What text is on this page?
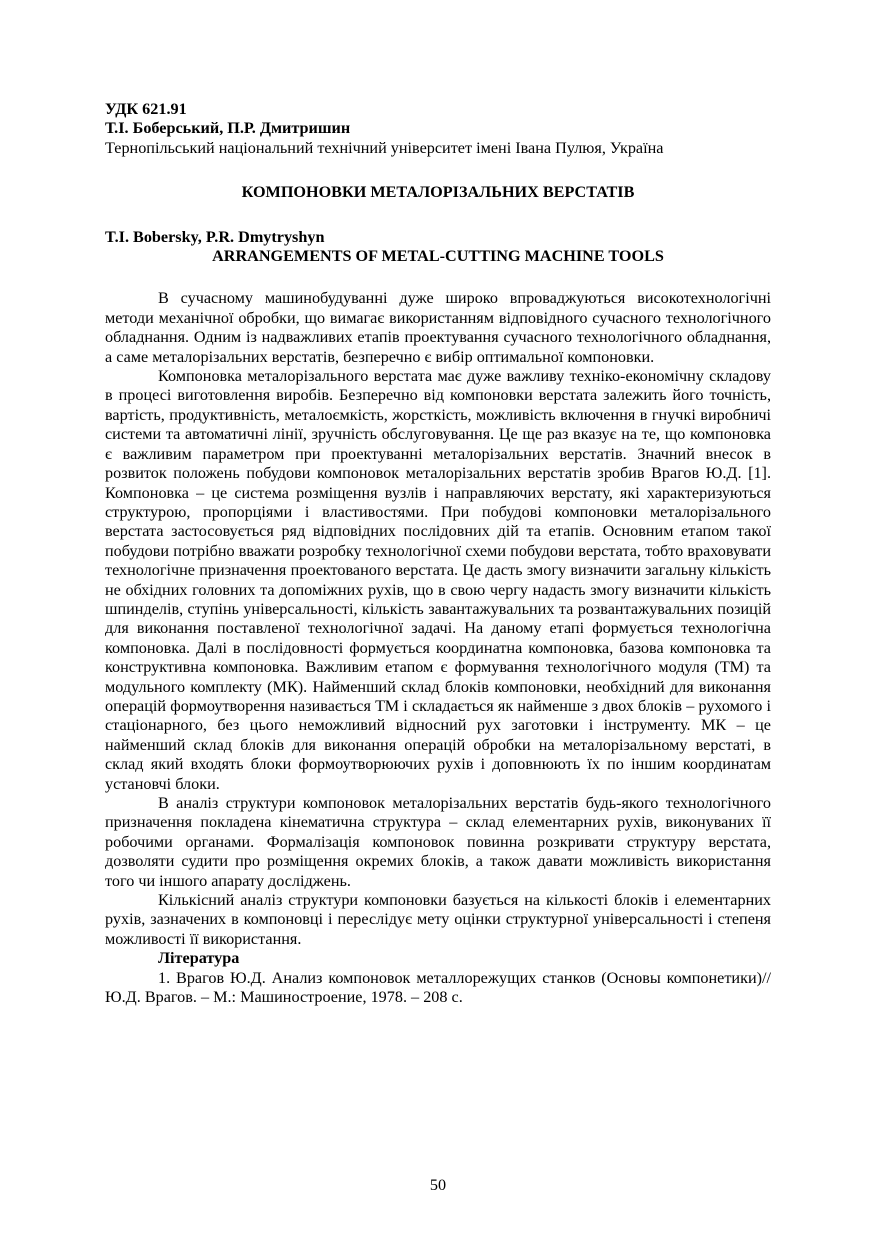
УДК 621.91
Т.І. Боберський, П.Р. Дмитришин
Тернопільський національний технічний університет імені Івана Пулюя, Україна
КОМПОНОВКИ МЕТАЛОРІЗАЛЬНИХ ВЕРСТАТІВ
T.I. Bobersky, P.R. Dmytryshyn
ARRANGEMENTS OF METAL-CUTTING MACHINE TOOLS

В сучасному машинобудуванні дуже широко впроваджуються високотехнологічні методи механічної обробки, що вимагає використанням відповідного сучасного технологічного обладнання. Одним із надважливих етапів проектування сучасного технологічного обладнання, а саме металорізальних верстатів, безперечно є вибір оптимальної компоновки.

Компоновка металорізального верстата має дуже важливу техніко-економічну складову в процесі виготовлення виробів. Безперечно від компоновки верстата залежить його точність, вартість, продуктивність, металоємкість, жорсткість, можливість включення в гнучкі виробничі системи та автоматичні лінії, зручність обслуговування. Це ще раз вказує на те, що компоновка є важливим параметром при проектуванні металорізальних верстатів. Значний внесок в розвиток положень побудови компоновок металорізальних верстатів зробив Врагов Ю.Д. [1]. Компоновка – це система розміщення вузлів і направляючих верстату, які характеризуються структурою, пропорціями і властивостями. При побудові компоновки металорізального верстата застосовується ряд відповідних послідовних дій та етапів. Основним етапом такої побудови потрібно вважати розробку технологічної схеми побудови верстата, тобто враховувати технологічне призначення проектованого верстата. Це дасть змогу визначити загальну кількість не обхідних головних та допоміжних рухів, що в свою чергу надасть змогу визначити кількість шпинделів, ступінь універсальності, кількість завантажувальних та розвантажувальних позицій для виконання поставленої технологічної задачі. На даному етапі формується технологічна компоновка. Далі в послідовності формується координатна компоновка, базова компоновка та конструктивна компоновка. Важливим етапом є формування технологічного модуля (ТМ) та модульного комплекту (МК). Найменший склад блоків компоновки, необхідний для виконання операцій формоутворення називається ТМ і складається як найменше з двох блоків – рухомого і стаціонарного, без цього неможливий відносний рух заготовки і інструменту. МК – це найменший склад блоків для виконання операцій обробки на металорізальному верстаті, в склад який входять блоки формоутворюючих рухів і доповнюють їх по іншим координатам установчі блоки.

В аналіз структури компоновок металорізальних верстатів будь-якого технологічного призначення покладена кінематична структура – склад елементарних рухів, виконуваних її робочими органами. Формалізація компоновок повинна розкривати структуру верстата, дозволяти судити про розміщення окремих блоків, а також давати можливість використання того чи іншого апарату досліджень.

Кількісний аналіз структури компоновки базується на кількості блоків і елементарних рухів, зазначених в компоновці і переслідує мету оцінки структурної універсальності і степеня можливості її використання.

Література

1. Врагов Ю.Д. Анализ компоновок металлорежущих станков (Основы компонетики)//Ю.Д. Врагов. – М.: Машиностроение, 1978. – 208 с.

50
